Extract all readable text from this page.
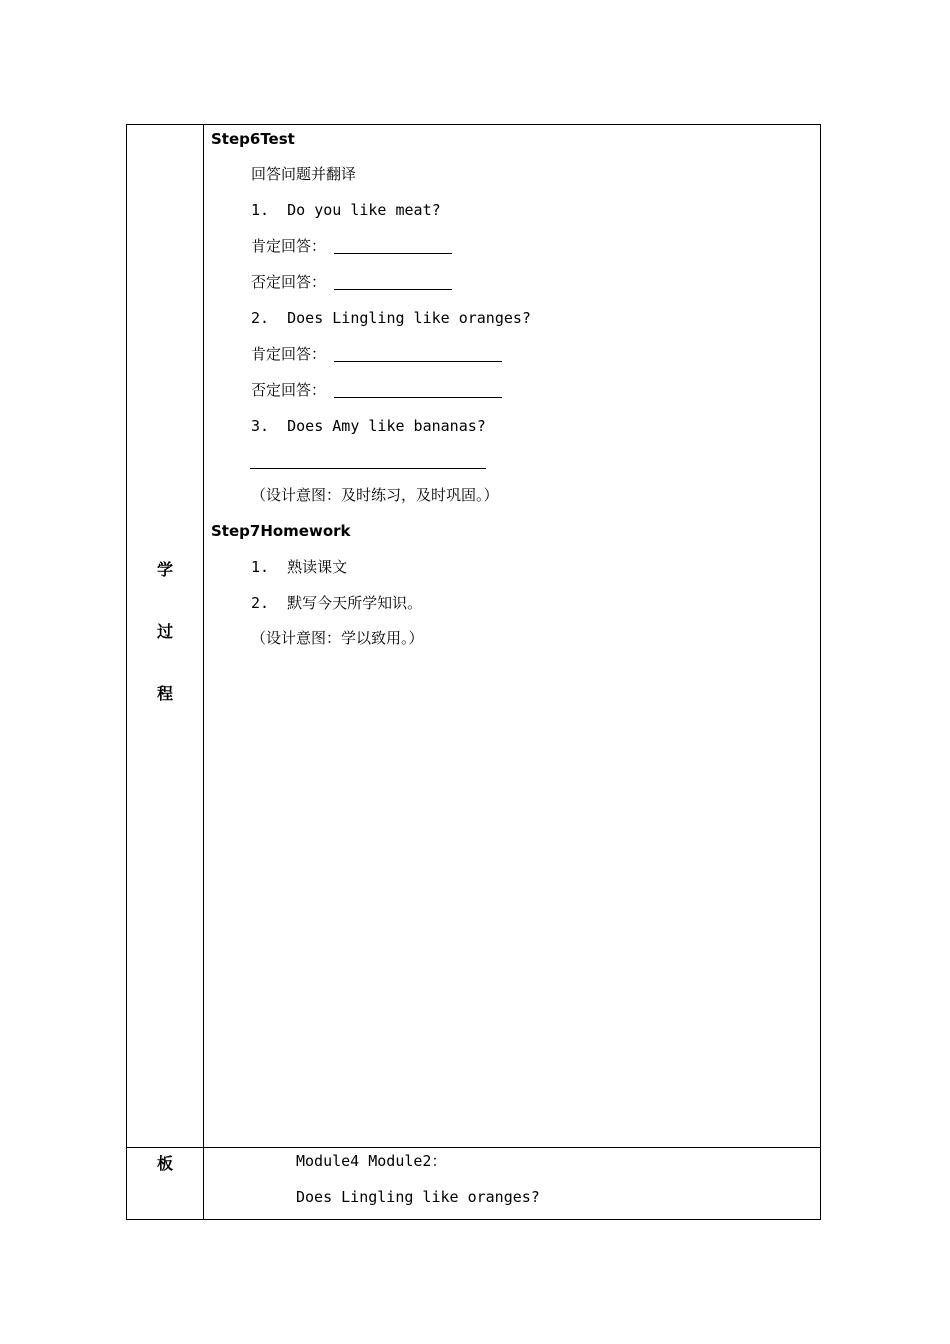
学
过
程
板
Step6Test
回答问题并翻译
1.  Do you like meat?
肯定回答：
否定回答：
2.  Does Lingling like oranges?
肯定回答：
否定回答：
3.  Does Amy like bananas?
（设计意图：及时练习，及时巩固。）
Step7Homework
1.  熟读课文
2.  默写今天所学知识。
（设计意图：学以致用。）
Module4 Module2：
Does Lingling like oranges?
